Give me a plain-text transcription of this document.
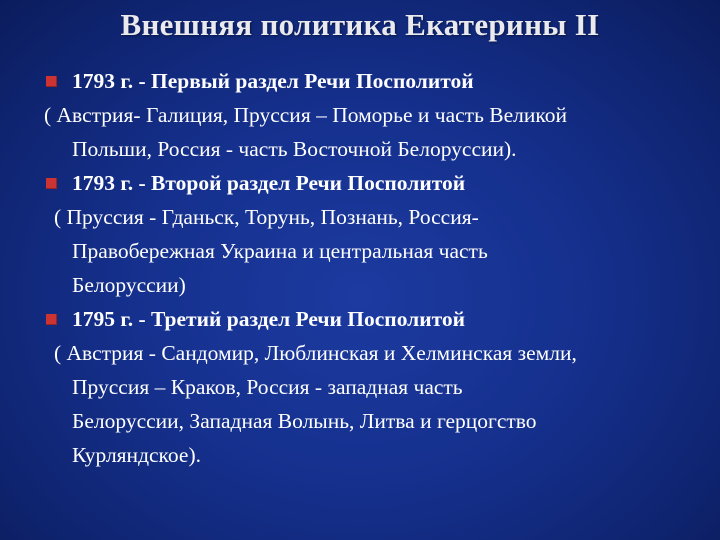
Внешняя политика Екатерины II
1793 г. - Первый раздел Речи Посполитой
( Австрия- Галиция, Пруссия – Поморье и часть Великой
Польши, Россия - часть Восточной Белоруссии).
1793 г. - Второй раздел Речи Посполитой
( Пруссия - Гданьск, Торунь, Познань, Россия-
Правобережная Украина и центральная часть
Белоруссии)
1795 г. - Третий раздел Речи Посполитой
( Австрия - Сандомир, Люблинская и Хелминская земли,
Пруссия – Краков, Россия - западная часть
Белоруссии, Западная Волынь, Литва и герцогство
Курляндское).
